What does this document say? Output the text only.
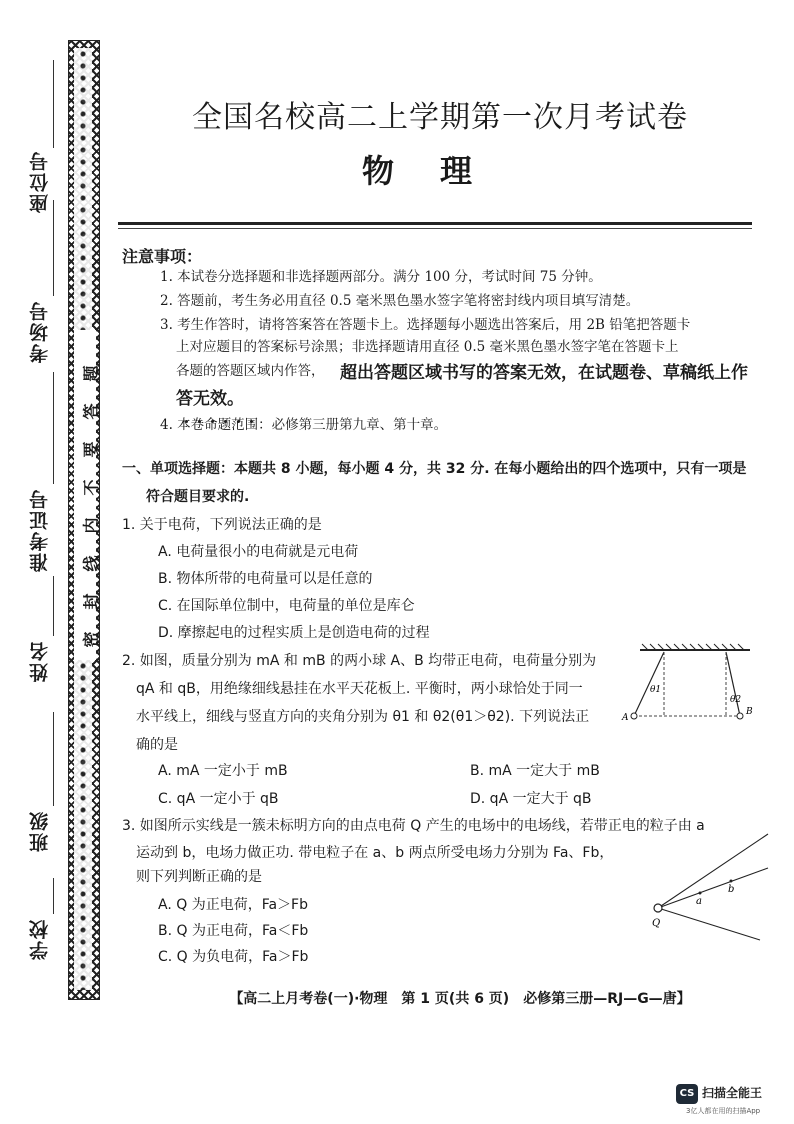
座位号
考场号
准考证号
姓名
班级
学校
题
答
要
不
内
线
封
密
全国名校高二上学期第一次月考试卷
物理
注意事项：
1. 本试卷分选择题和非选择题两部分。满分 100 分，考试时间 75 分钟。
2. 答题前，考生务必用直径 0.5 毫米黑色墨水签字笔将密封线内项目填写清楚。
3. 考生作答时，请将答案答在答题卡上。选择题每小题选出答案后，用 2B 铅笔把答题卡
上对应题目的答案标号涂黑；非选择题请用直径 0.5 毫米黑色墨水签字笔在答题卡上
各题的答题区域内作答， 超出答题区域书写的答案无效，在试题卷、草稿纸上作
答无效。
4. 本卷命题范围：必修第三册第九章、第十章。
一、单项选择题：本题共 8 小题，每小题 4 分，共 32 分. 在每小题给出的四个选项中，只有一项是
符合题目要求的.
1. 关于电荷，下列说法正确的是
A. 电荷量很小的电荷就是元电荷
B. 物体所带的电荷量可以是任意的
C. 在国际单位制中，电荷量的单位是库仑
D. 摩擦起电的过程实质上是创造电荷的过程
2. 如图，质量分别为 mA 和 mB 的两小球 A、B 均带正电荷，电荷量分别为
qA 和 qB，用绝缘细线悬挂在水平天花板上. 平衡时，两小球恰处于同一
水平线上，细线与竖直方向的夹角分别为 θ1 和 θ2(θ1＞θ2). 下列说法正
确的是
A. mA 一定小于 mB	B. mA 一定大于 mB
C. qA 一定小于 qB	D. qA 一定大于 qB
θ1
θ2
A
B
3. 如图所示实线是一簇未标明方向的由点电荷 Q 产生的电场中的电场线，若带正电的粒子由 a
运动到 b，电场力做正功. 带电粒子在 a、b 两点所受电场力分别为 Fa、Fb，
则下列判断正确的是
A. Q 为正电荷，Fa＞Fb
B. Q 为正电荷，Fa＜Fb
C. Q 为负电荷，Fa＞Fb
a
b
Q
【高二上月考卷(一)·物理　第 1 页(共 6 页)　必修第三册—RJ—G—唐】
CS 扫描全能王
3亿人都在用的扫描App
